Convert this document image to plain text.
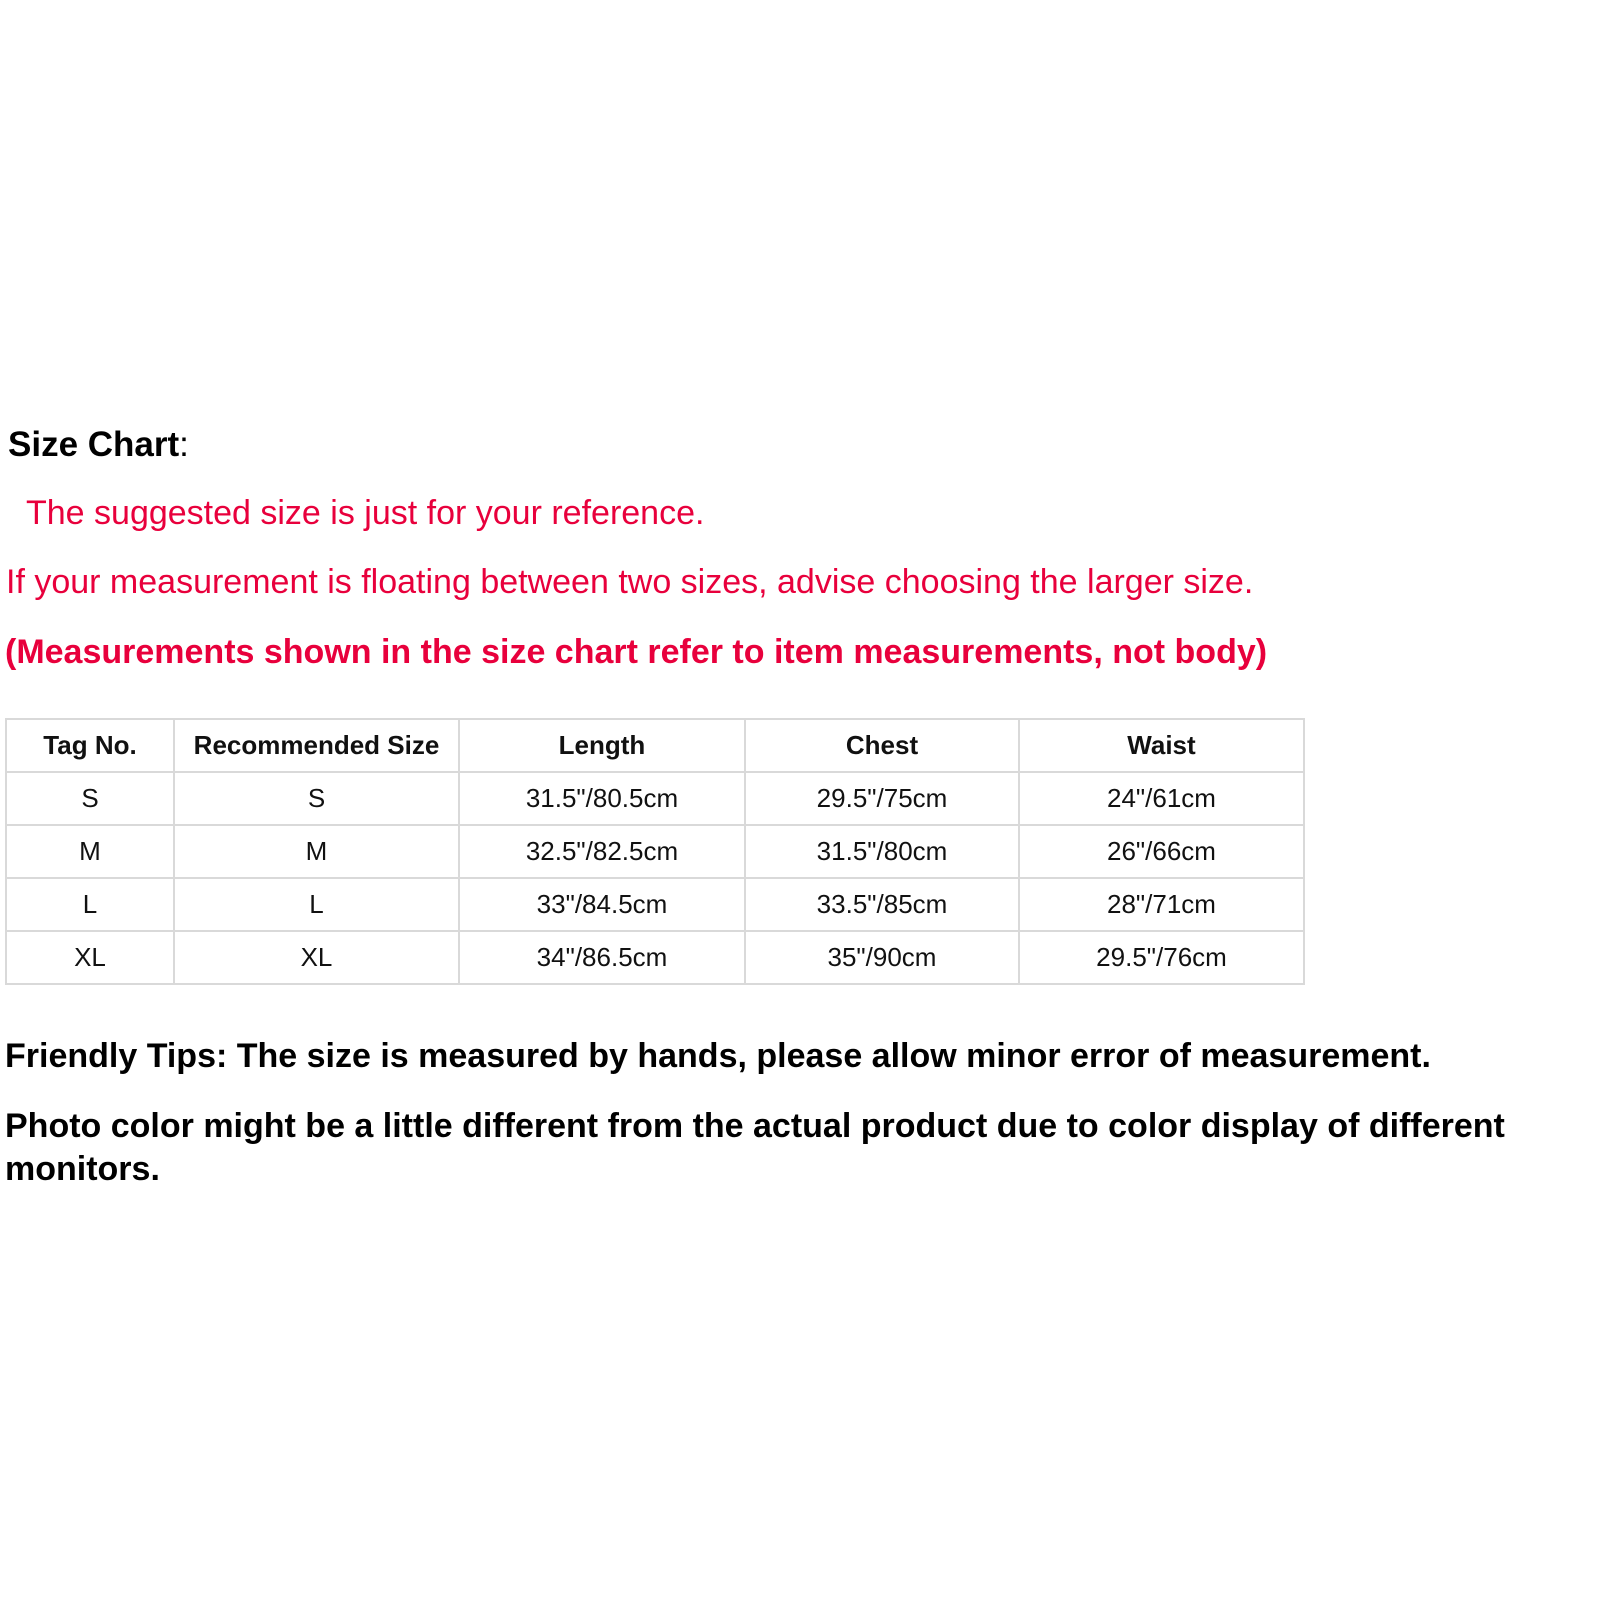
Size Chart:
The suggested size is just for your reference.
If your measurement is floating between two sizes, advise choosing the larger size.
(Measurements shown in the size chart refer to item measurements, not body)
Tag No.	Recommended Size	Length	Chest	Waist
S	S	31.5"/80.5cm	29.5"/75cm	24"/61cm
M	M	32.5"/82.5cm	31.5"/80cm	26"/66cm
L	L	33"/84.5cm	33.5"/85cm	28"/71cm
XL	XL	34"/86.5cm	35"/90cm	29.5"/76cm
Friendly Tips: The size is measured by hands, please allow minor error of measurement.
Photo color might be a little different from the actual product due to color display of different monitors.
